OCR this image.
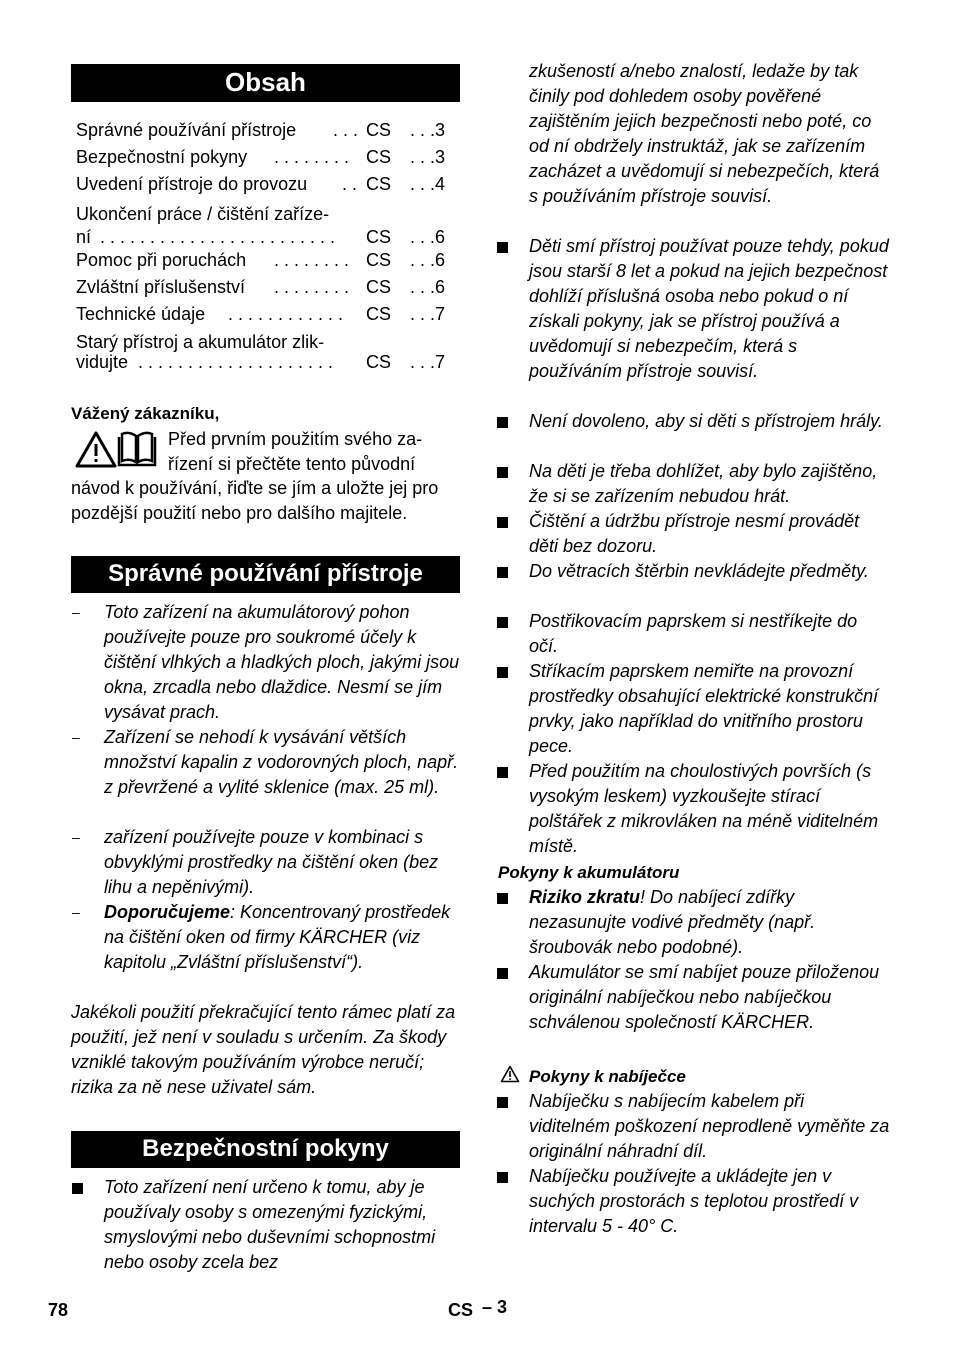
Obsah
Správné používání přístroje . . . CS . . .3
Bezpečnostní pokyny . . . . . . . . CS . . .3
Uvedení přístroje do provozu . . CS . . .4
Ukončení práce / čištění zaříze-
ní . . . . . . . . . . . . . . . . . . . . . . . .	CS . . .6
Pomoc při poruchách . . . . . . . . CS . . .6
Zvláštní příslušenství . . . . . . . . CS . . .6
Technické údaje . . . . . . . . . . . .	CS . . .7
Starý přístroj a akumulátor zlik-
vidujte . . . . . . . . . . . . . . . . . . . .	CS . . .7
Vážený zákazníku,
Před prvním použitím svého za-
řízení si přečtěte tento původní
návod k používání, řiďte se jím a uložte jej pro pozdější použití nebo pro dalšího majitele.
Správné používání přístroje
– Toto zařízení na akumulátorový pohon používejte pouze pro soukromé účely k čištění vlhkých a hladkých ploch, jakými jsou okna, zrcadla nebo dlaždice. Nesmí se jím vysávat prach.
– Zařízení se nehodí k vysávání větších množství kapalin z vodorovných ploch, např. z převržené a vylité sklenice (max. 25 ml).
– zařízení používejte pouze v kombinaci s obvyklými prostředky na čištění oken (bez lihu a nepěnivými).
– Doporučujeme: Koncentrovaný prostředek na čištění oken od firmy KÄRCHER (viz kapitolu „Zvláštní příslušenství“).
Jakékoli použití překračující tento rámec platí za použití, jež není v souladu s určením. Za škody vzniklé takovým používáním výrobce neručí; rizika za ně nese uživatel sám.
Bezpečnostní pokyny
Toto zařízení není určeno k tomu, aby je používaly osoby s omezenými fyzickými, smyslovými nebo duševními schopnostmi nebo osoby zcela bez
zkušeností a/nebo znalostí, ledaže by tak činily pod dohledem osoby pověřené zajištěním jejich bezpečnosti nebo poté, co od ní obdržely instruktáž, jak se zařízením zacházet a uvědomují si nebezpečích, která s používáním přístroje souvisí.
Děti smí přístroj používat pouze tehdy, pokud jsou starší 8 let a pokud na jejich bezpečnost dohlíží příslušná osoba nebo pokud o ní získali pokyny, jak se přístroj používá a uvědomují si nebezpečím, která s používáním přístroje souvisí.
Není dovoleno, aby si děti s přístrojem hrály.
Na děti je třeba dohlížet, aby bylo zajištěno, že si se zařízením nebudou hrát.
Čištění a údržbu přístroje nesmí provádět děti bez dozoru.
Do větracích štěrbin nevkládejte předměty.
Postřikovacím paprskem si nestříkejte do očí.
Stříkacím paprskem nemiřte na provozní prostředky obsahující elektrické konstrukční prvky, jako například do vnitřního prostoru pece.
Před použitím na choulostivých površích (s vysokým leskem) vyzkoušejte stírací polštářek z mikrovláken na méně viditelném místě.
Pokyny k akumulátoru
Riziko zkratu! Do nabíjecí zdířky nezasunujte vodivé předměty (např. šroubovák nebo podobné).
Akumulátor se smí nabíjet pouze přiloženou originální nabíječkou nebo nabíječkou schválenou společností KÄRCHER.
Pokyny k nabíječce
Nabíječku s nabíjecím kabelem při viditelném poškození neprodleně vyměňte za originální náhradní díl.
Nabíječku používejte a ukládejte jen v suchých prostorách s teplotou prostředí v intervalu 5 - 40° C.
78	CS – 3
